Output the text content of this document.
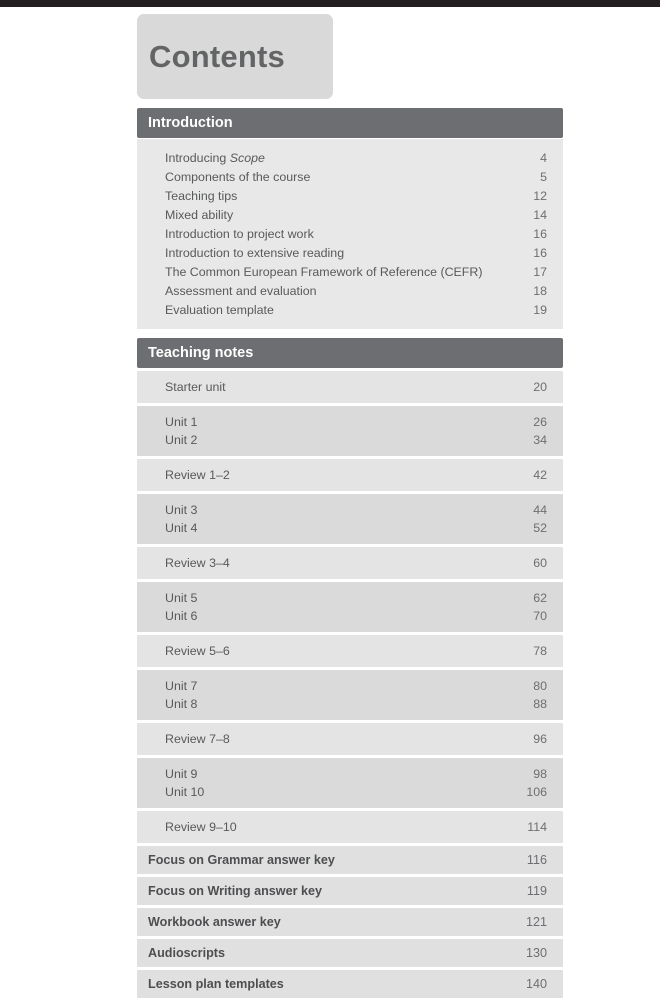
Contents
Introduction
Introducing Scope	4
Components of the course	5
Teaching tips	12
Mixed ability	14
Introduction to project work	16
Introduction to extensive reading	16
The Common European Framework of Reference (CEFR)	17
Assessment and evaluation	18
Evaluation template	19
Teaching notes
Starter unit	20
Unit 1	26
Unit 2	34
Review 1–2	42
Unit 3	44
Unit 4	52
Review 3–4	60
Unit 5	62
Unit 6	70
Review 5–6	78
Unit 7	80
Unit 8	88
Review 7–8	96
Unit 9	98
Unit 10	106
Review 9–10	114
Focus on Grammar answer key	116
Focus on Writing answer key	119
Workbook answer key	121
Audioscripts	130
Lesson plan templates	140
